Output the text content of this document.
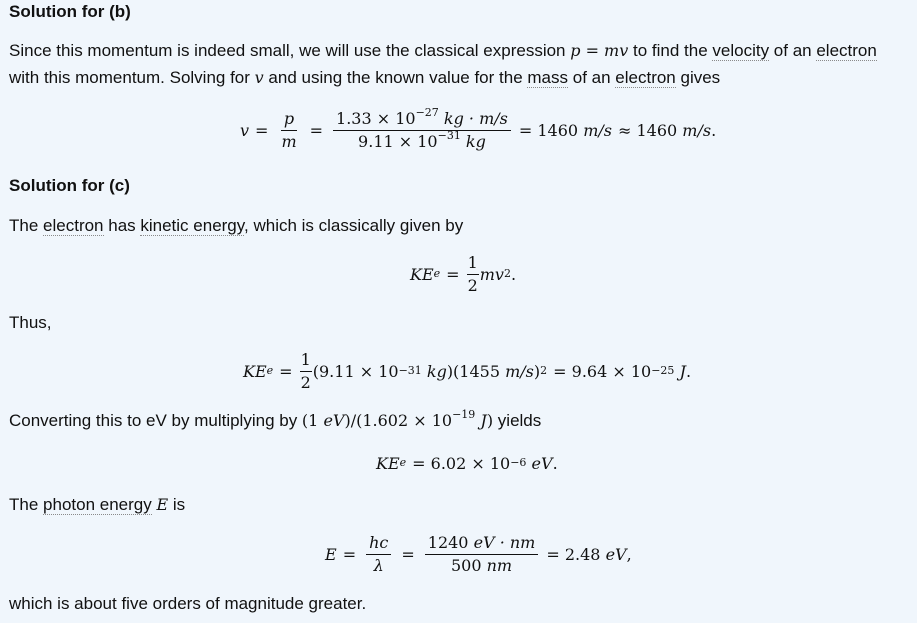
Solution for (b)
Since this momentum is indeed small, we will use the classical expression p = mv to find the velocity of an electron
with this momentum. Solving for v and using the known value for the mass of an electron gives
$v = \frac{p}{m} = \frac{1.33 \times 10^{-27} kg \cdot m/s}{9.11 \times 10^{-31} kg} = 1460$
m/s ≈ 1460
m/s .
Solution for (c)
The electron has kinetic energy, which is classically given by
KE $e = \frac{1}{2}$ mv 2 .
Thus,
KE $e = \frac{1}{2} (9.11 \times 10 -31$
kg )(1455
m/s ) 2 = 9.64 × 10 −25
J .
Converting this to eV by multiplying by (1 $eV)/(1.602 \times 10^{-19}$ J) yields
KE e = 6.02 × 10 −6
eV .
The photon energy E is
$E = \frac{hc}{\lambda} = \frac{1240 eV \cdot nm}{500 nm} = 2.48$
eV ,
which is about five orders of magnitude greater.
